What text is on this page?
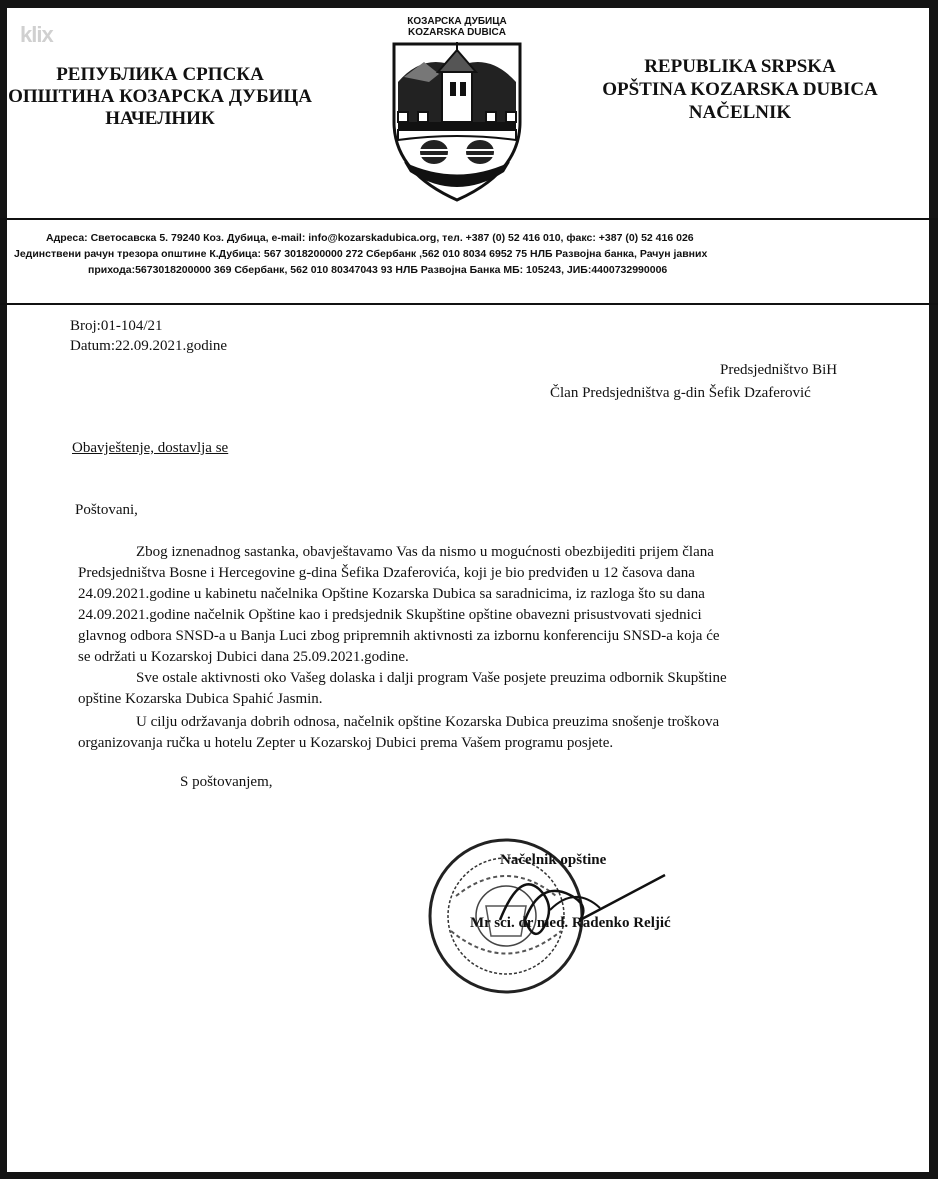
klix
РЕПУБЛИКА СРПСКА
ОПШТИНА КОЗАРСКА ДУБИЦА
НАЧЕЛНИК
КОЗАРСКА ДУБИЦА
KOZARSKA DUBICA
REPUBLIKA SRPSKA
OPŠTINA KOZARSKA DUBICA
NAČELNIK
Адреса: Светосавска 5. 79240 Коз. Дубица, e-mail: info@kozarskadubica.org, тел. +387 (0) 52 416 010, факс: +387 (0) 52 416 026
Јединствени рачун трезора општине К.Дубица: 567 3018200000 272 Сбербанк ,562 010 8034 6952 75 НЛБ Развојна банка, Рачун јавних
прихода:5673018200000 369 Сбербанк, 562 010 80347043 93 НЛБ Развојна Банка МБ: 105243, ЈИБ:4400732990006
Broj:01-104/21
Datum:22.09.2021.godine
Predsjedništvo BiH
Član Predsjedništva g-din Šefik Dzaferović
Obavještenje, dostavlja se
Poštovani,
Zbog iznenadnog sastanka, obavještavamo Vas da nismo u mogućnosti obezbijediti prijem člana
Predsjedništva Bosne i Hercegovine g-dina Šefika Dzaferovića, koji je bio predviđen u 12 časova dana
24.09.2021.godine u kabinetu načelnika Opštine Kozarska Dubica sa saradnicima, iz razloga što su dana
24.09.2021.godine načelnik Opštine kao i predsjednik Skupštine opštine obavezni prisustvovati sjednici
glavnog odbora SNSD-a u Banja Luci zbog pripremnih aktivnosti za izbornu konferenciju SNSD-a koja će
se održati u Kozarskoj Dubici dana 25.09.2021.godine.
Sve ostale aktivnosti oko Vašeg dolaska i dalji program Vaše posjete preuzima odbornik Skupštine
opštine Kozarska Dubica Spahić Jasmin.
U cilju održavanja dobrih odnosa, načelnik opštine Kozarska Dubica preuzima snošenje troškova
organizovanja ručka u hotelu Zepter u Kozarskoj Dubici prema Vašem programu posjete.
S poštovanjem,
Načelnik opštine
Mr sci. dr med. Radenko Reljić
